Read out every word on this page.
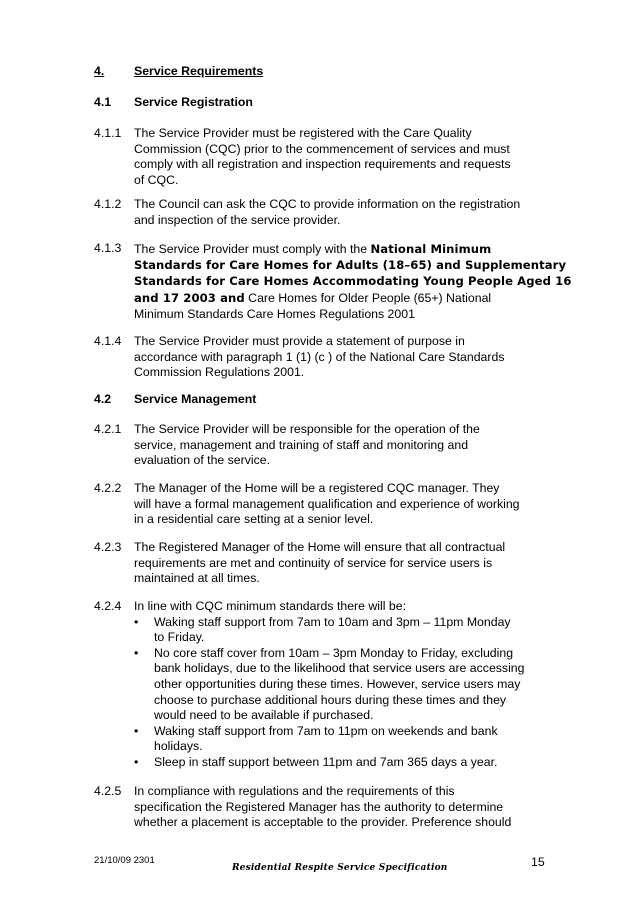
4. Service Requirements
4.1 Service Registration
4.1.1 The Service Provider must be registered with the Care Quality
Commission (CQC) prior to the commencement of services and must
comply with all registration and inspection requirements and requests
of CQC.
4.1.2 The Council can ask the CQC to provide information on the registration
and inspection of the service provider.
4.1.3 The Service Provider must comply with the National Minimum
Standards for Care Homes for Adults (18–65) and Supplementary
Standards for Care Homes Accommodating Young People Aged 16
and 17 2003 and Care Homes for Older People (65+) National
Minimum Standards Care Homes Regulations 2001
4.1.4 The Service Provider must provide a statement of purpose in
accordance with paragraph 1 (1) (c ) of the National Care Standards
Commission Regulations 2001.
4.2 Service Management
4.2.1 The Service Provider will be responsible for the operation of the
service, management and training of staff and monitoring and
evaluation of the service.
4.2.2 The Manager of the Home will be a registered CQC manager. They
will have a formal management qualification and experience of working
in a residential care setting at a senior level.
4.2.3 The Registered Manager of the Home will ensure that all contractual
requirements are met and continuity of service for service users is
maintained at all times.
4.2.4 In line with CQC minimum standards there will be:
• Waking staff support from 7am to 10am and 3pm – 11pm Monday
to Friday.
• No core staff cover from 10am – 3pm Monday to Friday, excluding
bank holidays, due to the likelihood that service users are accessing
other opportunities during these times. However, service users may
choose to purchase additional hours during these times and they
would need to be available if purchased.
• Waking staff support from 7am to 11pm on weekends and bank
holidays.
• Sleep in staff support between 11pm and 7am 365 days a year.
4.2.5 In compliance with regulations and the requirements of this
specification the Registered Manager has the authority to determine
whether a placement is acceptable to the provider. Preference should
21/10/09 2301
Residential Respite Service Specification	15
